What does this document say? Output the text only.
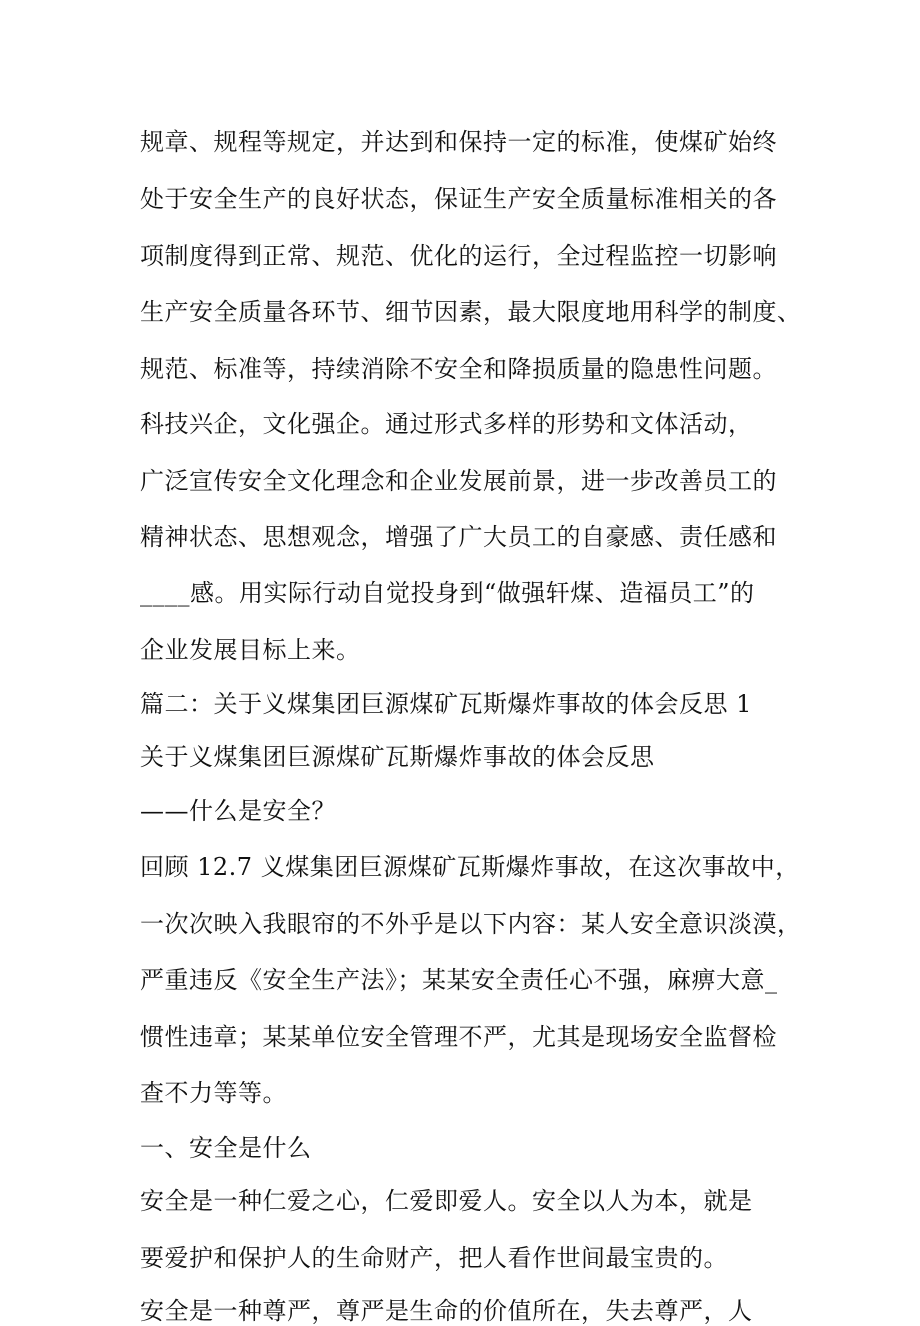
规章、规程等规定，并达到和保持一定的标准，使煤矿始终
处于安全生产的良好状态，保证生产安全质量标准相关的各
项制度得到正常、规范、优化的运行，全过程监控一切影响
生产安全质量各环节、细节因素，最大限度地用科学的制度、
规范、标准等，持续消除不安全和降损质量的隐患性问题。
科技兴企，文化强企。通过形式多样的形势和文体活动，
广泛宣传安全文化理念和企业发展前景，进一步改善员工的
精神状态、思想观念，增强了广大员工的自豪感、责任感和
____感。用实际行动自觉投身到“做强轩煤、造福员工”的
企业发展目标上来。
篇二：关于义煤集团巨源煤矿瓦斯爆炸事故的体会反思 1
关于义煤集团巨源煤矿瓦斯爆炸事故的体会反思
——什么是安全？
回顾 12.7 义煤集团巨源煤矿瓦斯爆炸事故，在这次事故中，
一次次映入我眼帘的不外乎是以下内容：某人安全意识淡漠，
严重违反《安全生产法》；某某安全责任心不强，麻痹大意_
惯性违章；某某单位安全管理不严，尤其是现场安全监督检
查不力等等。
一、安全是什么
安全是一种仁爱之心，仁爱即爱人。安全以人为本，就是
要爱护和保护人的生命财产，把人看作世间最宝贵的。
安全是一种尊严，尊严是生命的价值所在，失去尊严，人
